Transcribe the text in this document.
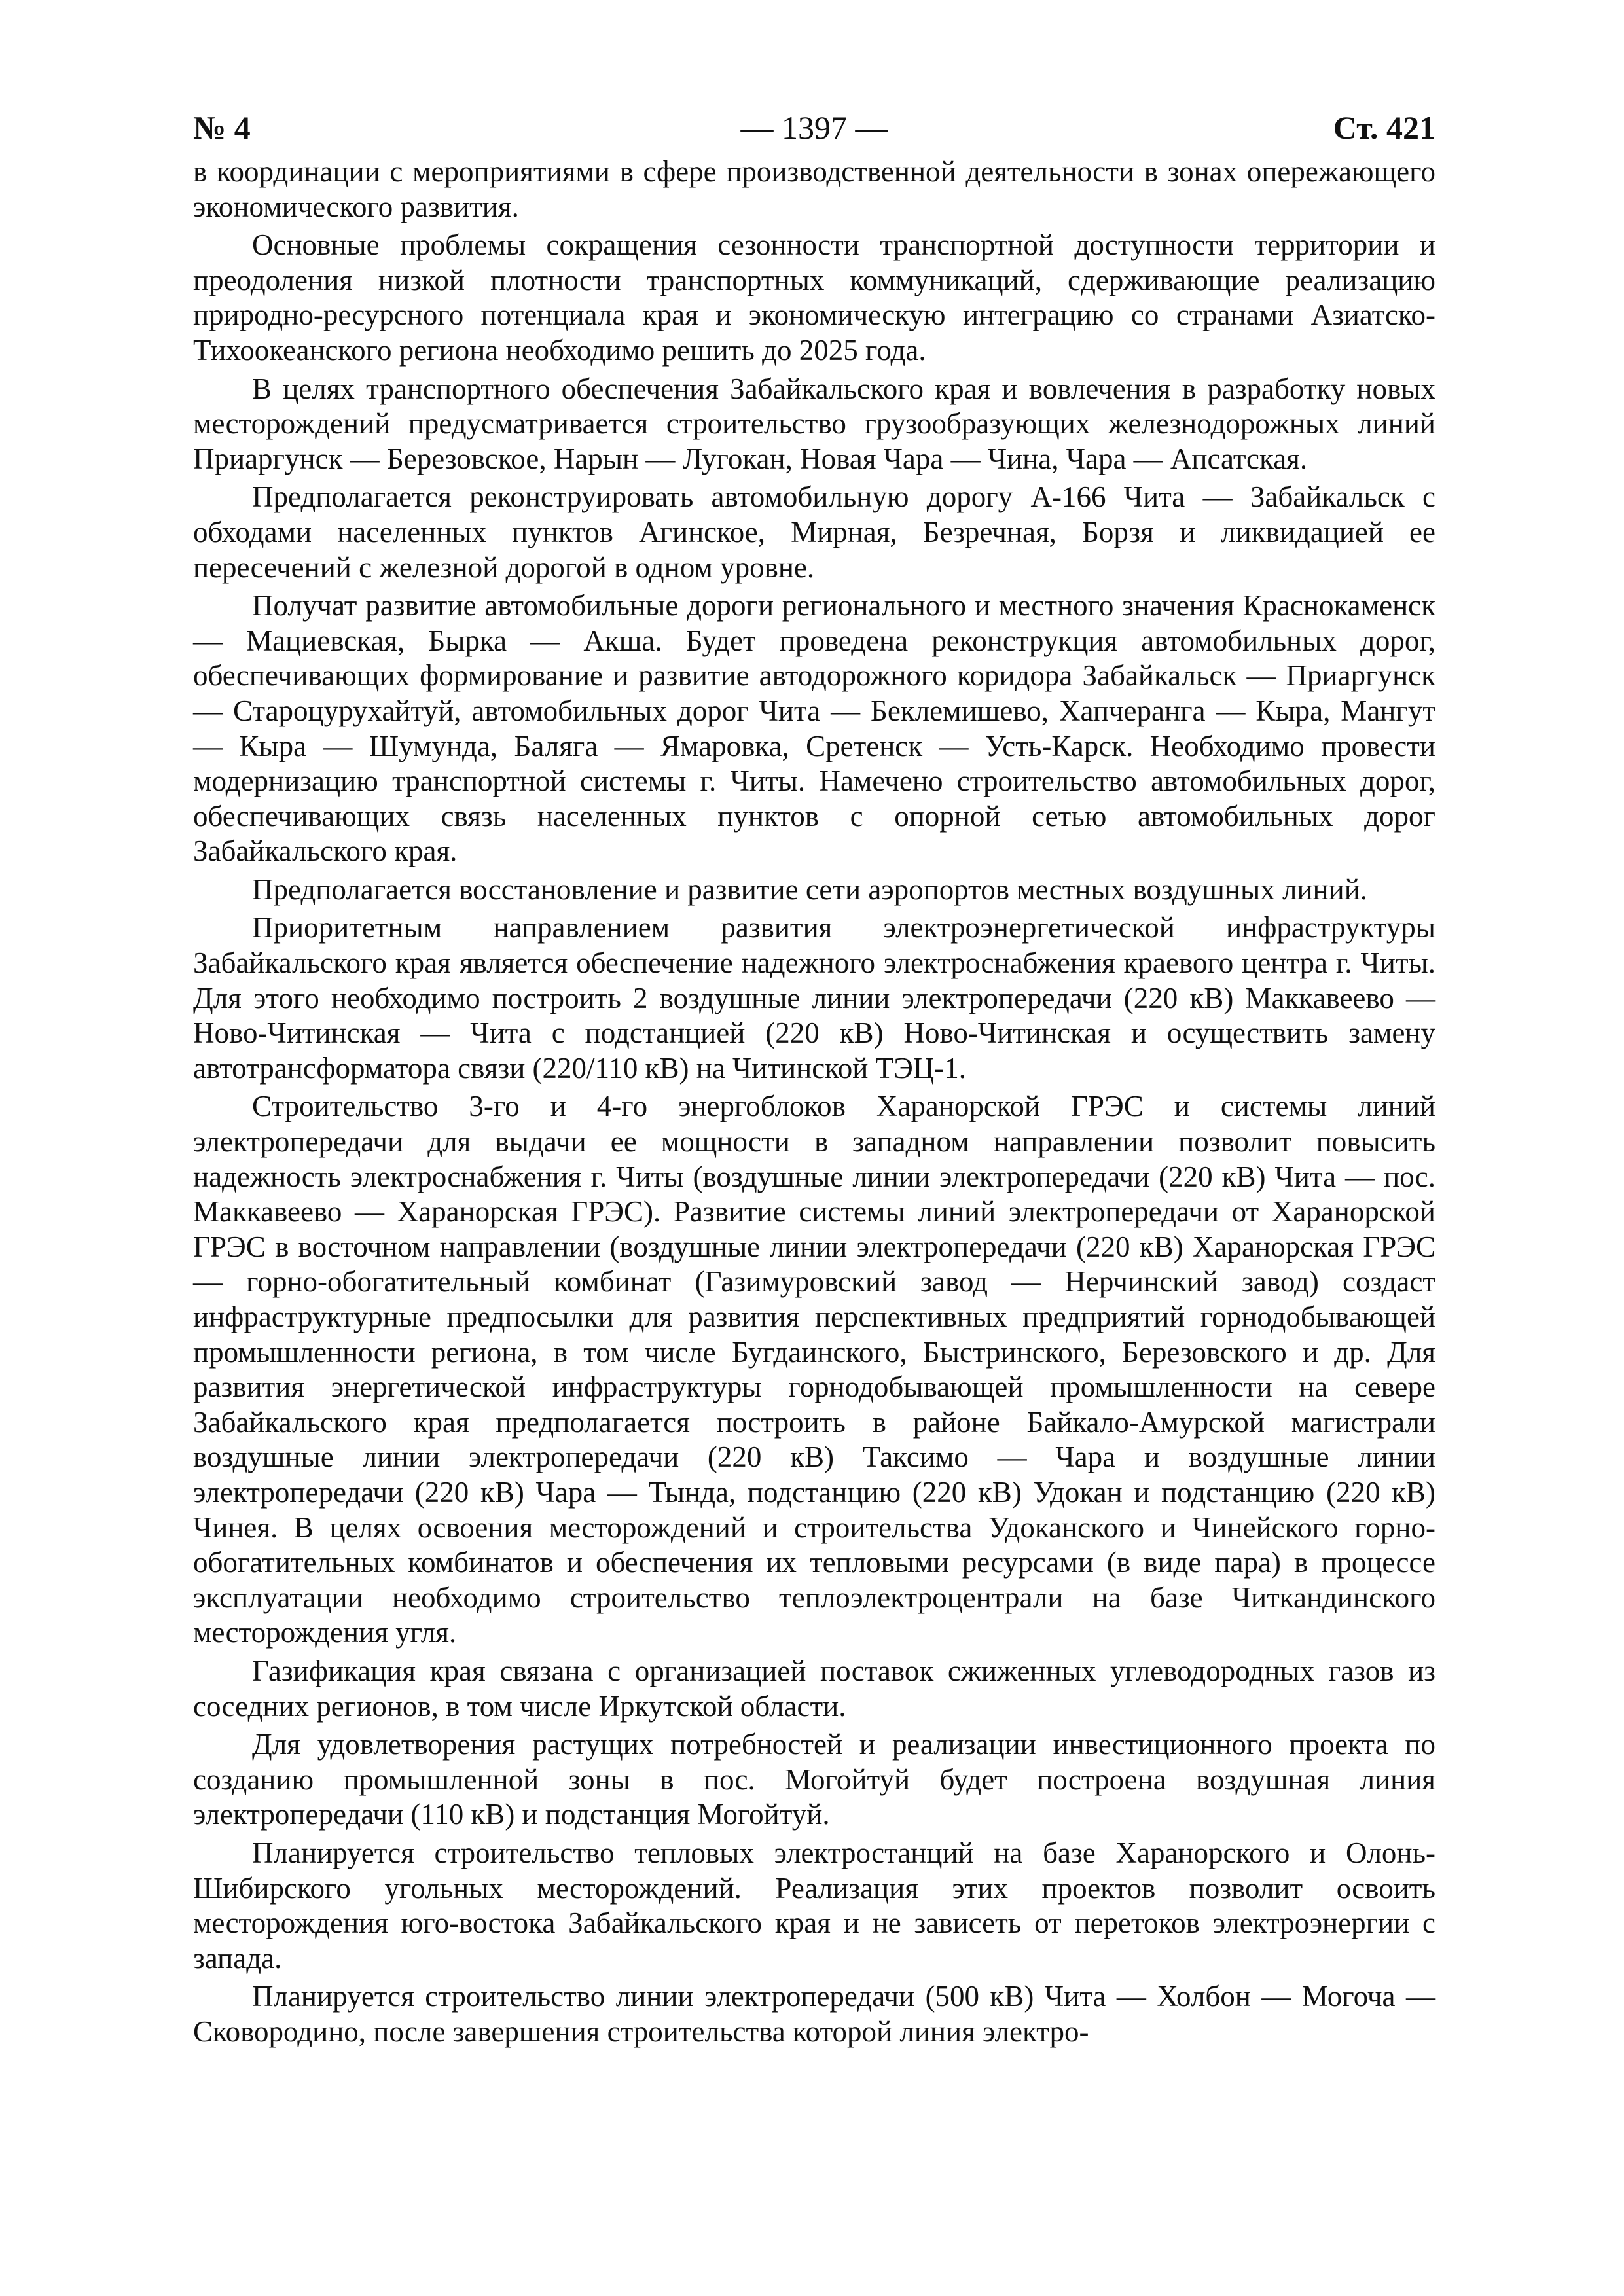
№ 4	— 1397 —	Ст. 421

в координации с мероприятиями в сфере производственной деятельности в зонах опережающего экономического развития.

Основные проблемы сокращения сезонности транспортной доступности территории и преодоления низкой плотности транспортных коммуникаций, сдерживающие реализацию природно-ресурсного потенциала края и экономическую интеграцию со странами Азиатско-Тихоокеанского региона необходимо решить до 2025 года.

В целях транспортного обеспечения Забайкальского края и вовлечения в разработку новых месторождений предусматривается строительство грузообразующих железнодорожных линий Приаргунск — Березовское, Нарын — Лугокан, Новая Чара — Чина, Чара — Апсатская.

Предполагается реконструировать автомобильную дорогу А-166 Чита — Забайкальск с обходами населенных пунктов Агинское, Мирная, Безречная, Борзя и ликвидацией ее пересечений с железной дорогой в одном уровне.

Получат развитие автомобильные дороги регионального и местного значения Краснокаменск — Мациевская, Бырка — Акша. Будет проведена реконструкция автомобильных дорог, обеспечивающих формирование и развитие автодорожного коридора Забайкальск — Приаргунск — Староцурухайтуй, автомобильных дорог Чита — Беклемишево, Хапчеранга — Кыра, Мангут — Кыра — Шумунда, Балягa — Ямаровка, Сретенск — Усть-Карск. Необходимо провести модернизацию транспортной системы г. Читы. Намечено строительство автомобильных дорог, обеспечивающих связь населенных пунктов с опорной сетью автомобильных дорог Забайкальского края.

Предполагается восстановление и развитие сети аэропортов местных воздушных линий.

Приоритетным направлением развития электроэнергетической инфраструктуры Забайкальского края является обеспечение надежного электроснабжения краевого центра г. Читы. Для этого необходимо построить 2 воздушные линии электропередачи (220 кВ) Маккавеево — Ново-Читинская — Чита с подстанцией (220 кВ) Ново-Читинская и осуществить замену автотрансформатора связи (220/110 кВ) на Читинской ТЭЦ-1.

Строительство 3-го и 4-го энергоблоков Харанорской ГРЭС и системы линий электропередачи для выдачи ее мощности в западном направлении позволит повысить надежность электроснабжения г. Читы (воздушные линии электропередачи (220 кВ) Чита — пос. Маккавеево — Харанорская ГРЭС). Развитие системы линий электропередачи от Харанорской ГРЭС в восточном направлении (воздушные линии электропередачи (220 кВ) Харанорская ГРЭС — горно-обогатительный комбинат (Газимуровский завод — Нерчинский завод) создаст инфраструктурные предпосылки для развития перспективных предприятий горнодобывающей промышленности региона, в том числе Бугдаинского, Быстринского, Березовского и др. Для развития энергетической инфраструктуры горнодобывающей промышленности на севере Забайкальского края предполагается построить в районе Байкало-Амурской магистрали воздушные линии электропередачи (220 кВ) Таксимо — Чара и воздушные линии электропередачи (220 кВ) Чара — Тында, подстанцию (220 кВ) Удокан и подстанцию (220 кВ) Чинея. В целях освоения месторождений и строительства Удоканского и Чинейского горно-обогатительных комбинатов и обеспечения их тепловыми ресурсами (в виде пара) в процессе эксплуатации необходимо строительство теплоэлектроцентрали на базе Читкандинского месторождения угля.

Газификация края связана с организацией поставок сжиженных углеводородных газов из соседних регионов, в том числе Иркутской области.

Для удовлетворения растущих потребностей и реализации инвестиционного проекта по созданию промышленной зоны в пос. Могойтуй будет построена воздушная линия электропередачи (110 кВ) и подстанция Могойтуй.

Планируется строительство тепловых электростанций на базе Харанорского и Олонь-Шибирского угольных месторождений. Реализация этих проектов позволит освоить месторождения юго-востока Забайкальского края и не зависеть от перетоков электроэнергии с запада.

Планируется строительство линии электропередачи (500 кВ) Чита — Холбон — Могоча — Сковородино, после завершения строительства которой линия электро-
